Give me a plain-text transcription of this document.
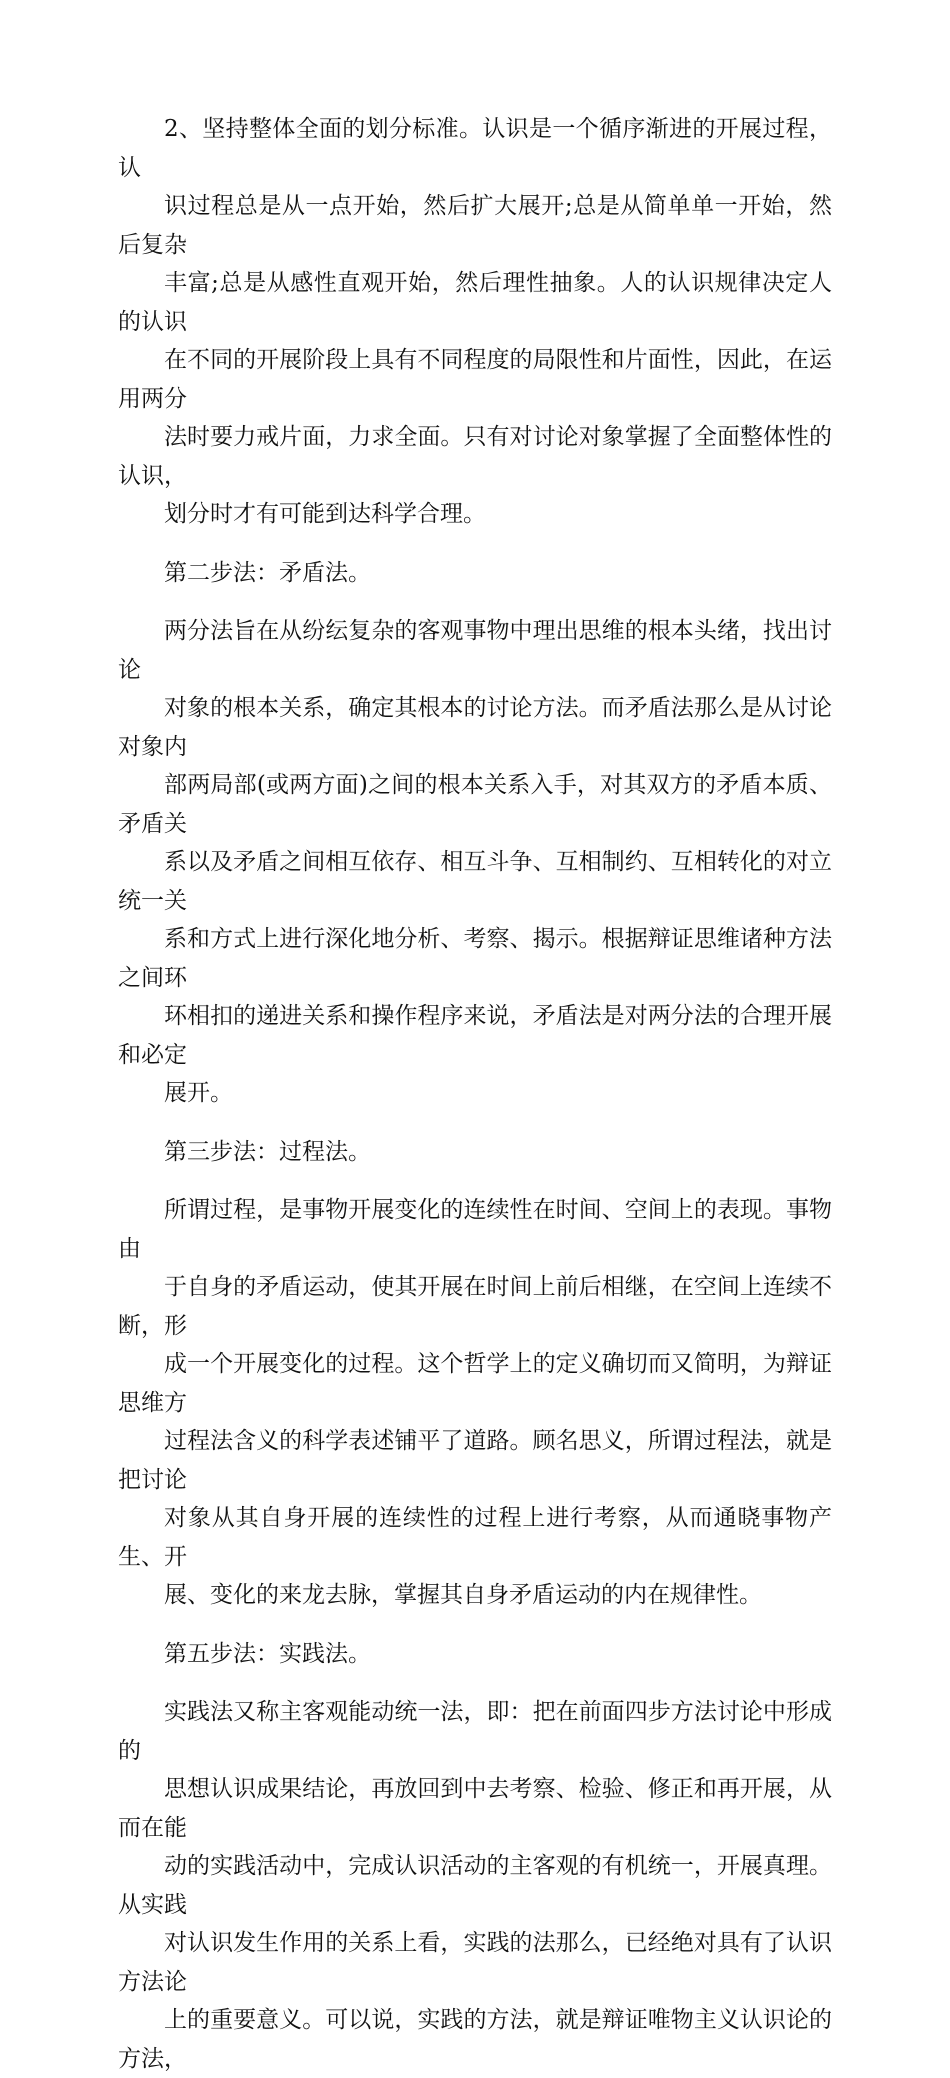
2、坚持整体全面的划分标准。认识是一个循序渐进的开展过程，认
识过程总是从一点开始，然后扩大展开;总是从简单单一开始，然后复杂
丰富;总是从感性直观开始，然后理性抽象。人的认识规律决定人的认识
在不同的开展阶段上具有不同程度的局限性和片面性，因此，在运用两分
法时要力戒片面，力求全面。只有对讨论对象掌握了全面整体性的认识，
划分时才有可能到达科学合理。

第二步法：矛盾法。

两分法旨在从纷纭复杂的客观事物中理出思维的根本头绪，找出讨论
对象的根本关系，确定其根本的讨论方法。而矛盾法那么是从讨论对象内
部两局部(或两方面)之间的根本关系入手，对其双方的矛盾本质、矛盾关
系以及矛盾之间相互依存、相互斗争、互相制约、互相转化的对立统一关
系和方式上进行深化地分析、考察、揭示。根据辩证思维诸种方法之间环
环相扣的递进关系和操作程序来说，矛盾法是对两分法的合理开展和必定
展开。

第三步法：过程法。

所谓过程，是事物开展变化的连续性在时间、空间上的表现。事物由
于自身的矛盾运动，使其开展在时间上前后相继，在空间上连续不断，形
成一个开展变化的过程。这个哲学上的定义确切而又简明，为辩证思维方
过程法含义的科学表述铺平了道路。顾名思义，所谓过程法，就是把讨论
对象从其自身开展的连续性的过程上进行考察，从而通晓事物产生、开
展、变化的来龙去脉，掌握其自身矛盾运动的内在规律性。

第五步法：实践法。

实践法又称主客观能动统一法，即：把在前面四步方法讨论中形成的
思想认识成果结论，再放回到中去考察、检验、修正和再开展，从而在能
动的实践活动中，完成认识活动的主客观的有机统一，开展真理。从实践
对认识发生作用的关系上看，实践的法那么，已经绝对具有了认识方法论
上的重要意义。可以说，实践的方法，就是辩证唯物主义认识论的方法，
